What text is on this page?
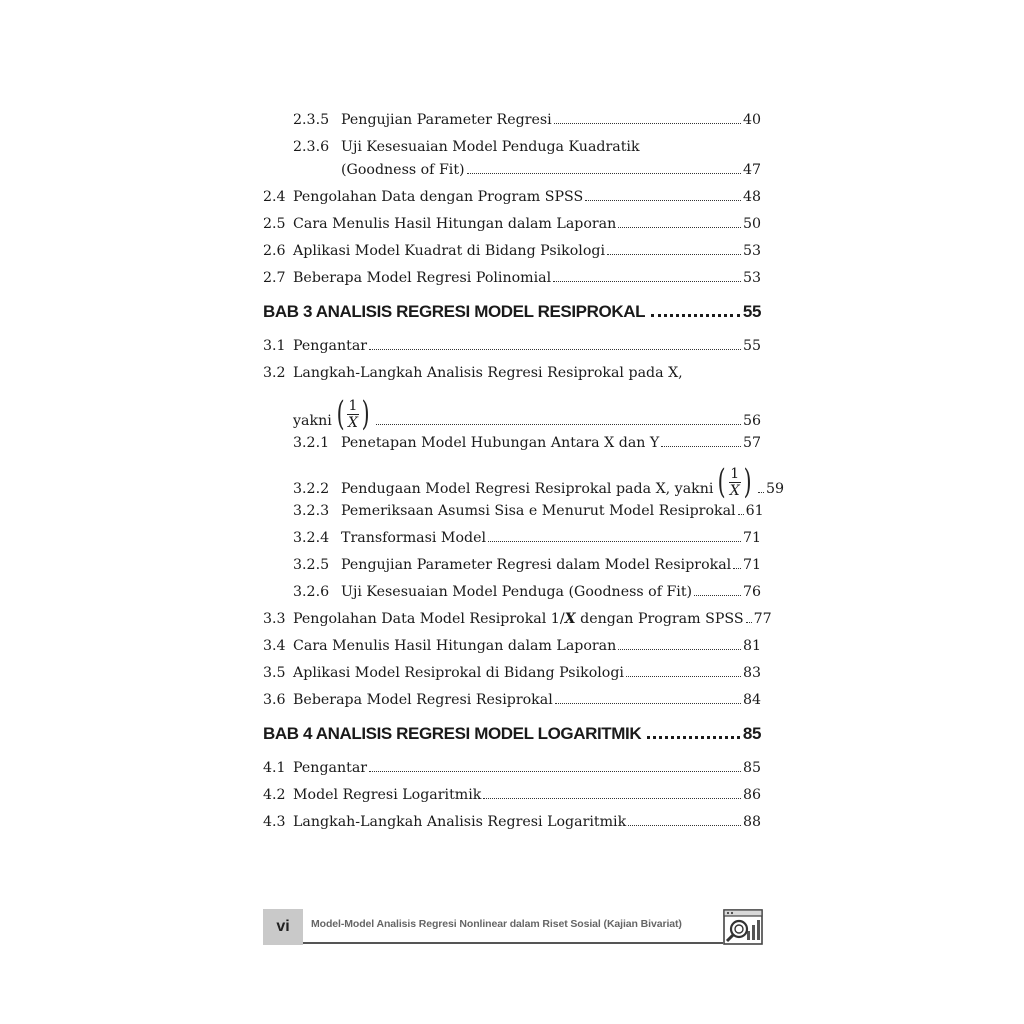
2.3.5 Pengujian Parameter Regresi	40
2.3.6 Uji Kesesuaian Model Penduga Kuadratik
(Goodness of Fit)	47
2.4 Pengolahan Data dengan Program SPSS	48
2.5 Cara Menulis Hasil Hitungan dalam Laporan	50
2.6 Aplikasi Model Kuadrat di Bidang Psikologi	53
2.7 Beberapa Model Regresi Polinomial	53
BAB 3 ANALISIS REGRESI MODEL RESIPROKAL	55
3.1 Pengantar	55
3.2 Langkah-Langkah Analisis Regresi Resiprokal pada X,
yakni ( $\frac{1}{X}$ )	56
3.2.1 Penetapan Model Hubungan Antara X dan Y	57
3.2.2 Pendugaan Model Regresi Resiprokal pada X, yakni ( $\frac{1}{X}$ ) 59
3.2.3 Pemeriksaan Asumsi Sisa e Menurut Model Resiprokal 61
3.2.4 Transformasi Model	71
3.2.5 Pengujian Parameter Regresi dalam Model Resiprokal 71
3.2.6 Uji Kesesuaian Model Penduga (Goodness of Fit)	76
3.3 Pengolahan Data Model Resiprokal 1/X dengan Program SPSS 77
3.4 Cara Menulis Hasil Hitungan dalam Laporan	81
3.5 Aplikasi Model Resiprokal di Bidang Psikologi	83
3.6 Beberapa Model Regresi Resiprokal	84
BAB 4 ANALISIS REGRESI MODEL LOGARITMIK	85
4.1 Pengantar	85
4.2 Model Regresi Logaritmik	86
4.3 Langkah-Langkah Analisis Regresi Logaritmik	88
vi	Model-Model Analisis Regresi Nonlinear dalam Riset Sosial (Kajian Bivariat)
